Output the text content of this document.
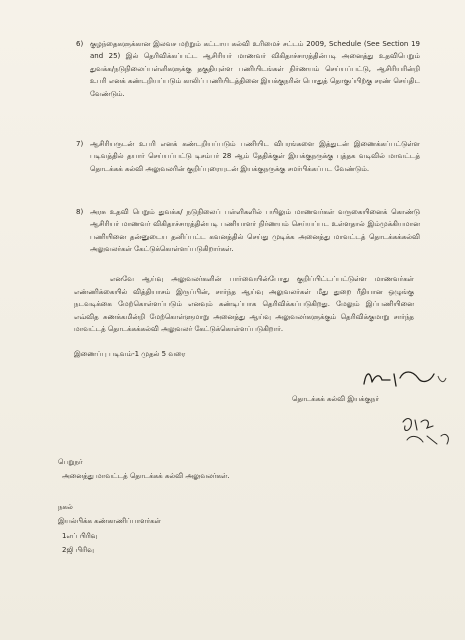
6) குழந்தைகளுக்கான இலவச மற்றும் கட்டாய கல்வி உரிமைச் சட்டம் 2009, Schedule (See Section 19 and 25) இல் தெரிவிக்கப்பட்ட ஆசிரியர் மாணவர் விகிதாச்சாரத்தின்படி அனைத்து உதவிபெறும் துவக்க/நடுநிலைப்பள்ளிகளுக்கு தகுதியுள்ள பணியிடங்கள் நிர்ணயம் செய்யப்பட்டு, ஆசிரியரின்றி உபரி எனக் கண்டறியப்படும் காலிப் பணியிடத்தினை இயக்குநரின் பொதுத் தொகுப்பிற்கு சரண் செய்திட வேண்டும்.
7) ஆசிரியருடன் உபரி எனக் கண்டறியப்படும் பணியிட விபரங்களை இத்துடன் இணைக்கப்பட்டுள்ள படிவத்தில் தயார் செய்யப்பட்டு டிசம்பர் 28 ஆம் தேதிக்குள் இயக்குநருக்கு புத்தக வடிவில் மாவட்டத் தொடக்கக் கல்வி அலுவலரின் குறிப்புரையுடன் இயக்குநருக்கு சமர்பிக்கப்பட வேண்டும்.
8) அரசு உதவி பெறும் துவக்க/ நடுநிலைப் பள்ளிகளில் பயிலும் மாணவர்கள் வருகையினைக் கொண்டு ஆசிரியர் மாணவர் விகிதாச்சாரத்தின்படி பணியாளர் நிர்ணயம் செய்யப்பட உள்ளதால் இம்முக்கியமான பணியினை தன்னுடைய தனிப்பட்ட கவனத்தில் செய்து முடிக்க அனைத்து மாவட்டத் தொடக்கக்கல்வி அலுவலர்கள் கேட்டுக்கொள்ளப்படுகிறார்கள்.
எனவே ஆய்வு அலுவலர்களின் பார்வையின்போது குறிப்பிட்டப்பட்டுள்ள மாணவர்கள் எண்ணிக்கையில் வித்தியாசம் இருப்பின், சார்ந்த ஆய்வு அலுவலர்கள் மீது துறை ரீதியான ஒழுங்கு நடவடிக்கை மேற்கொள்ளப்படும் எனவும் கண்டிப்பாக தெரிவிக்கப்படுகிறது. மேலும் இப்பணியினை எவ்வித சுணக்கமின்றி மேற்கொள்ளுமாறு அனைத்து ஆய்வு அலுவலர்களுக்கும் தெரிவிக்குமாறு சார்ந்த மாவட்டத் தொடக்கக்கல்வி அலுவலர் கேட்டுக்கொள்ளப்படுகிறார்.
இணைப்பு படிவம்-1 முதல் 5 வரை
தொடக்கக் கல்வி இயக்குநர்
பெறுநர்
அனைத்து மாவட்டத் தொடக்கக் கல்வி அலுவலர்கள்.
நகல்
இயல்பிக்க கண்காணிப்பாளர்கள்
1எப் பிரிவு
2ஜி பிரிவு
